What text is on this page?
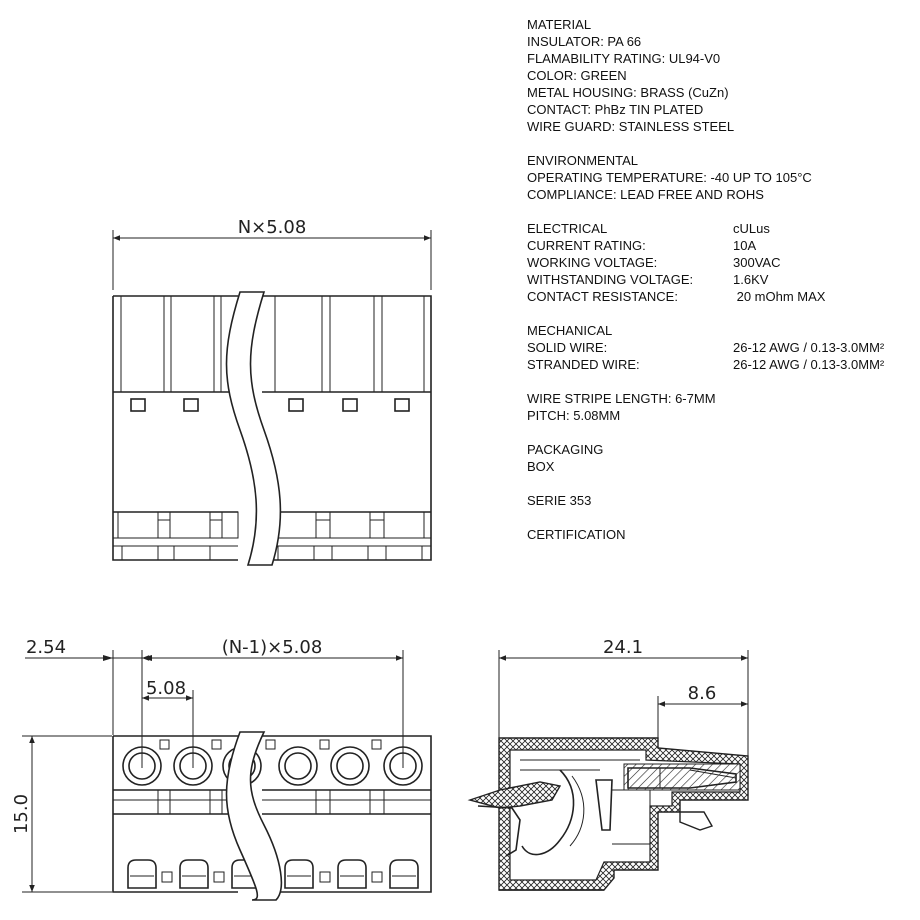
MATERIAL
INSULATOR: PA 66
FLAMABILITY RATING: UL94-V0
COLOR: GREEN
METAL HOUSING: BRASS (CuZn)
CONTACT: PhBz TIN PLATED
WIRE GUARD: STAINLESS STEEL
ENVIRONMENTAL
OPERATING TEMPERATURE: -40 UP TO 105°C
COMPLIANCE: LEAD FREE AND ROHS
ELECTRICAL	cULus
CURRENT RATING:	10A
WORKING VOLTAGE:	300VAC
WITHSTANDING VOLTAGE:	1.6KV
CONTACT RESISTANCE:	20 mOhm MAX
MECHANICAL
SOLID WIRE:	26-12 AWG / 0.13-3.0MM²
STRANDED WIRE:	26-12 AWG / 0.13-3.0MM²
WIRE STRIPE LENGTH: 6-7MM
PITCH: 5.08MM
PACKAGING
BOX
SERIE 353
CERTIFICATION
N×5.08
2.54	(N-1)×5.08
5.08
15.0
24.1
8.6
